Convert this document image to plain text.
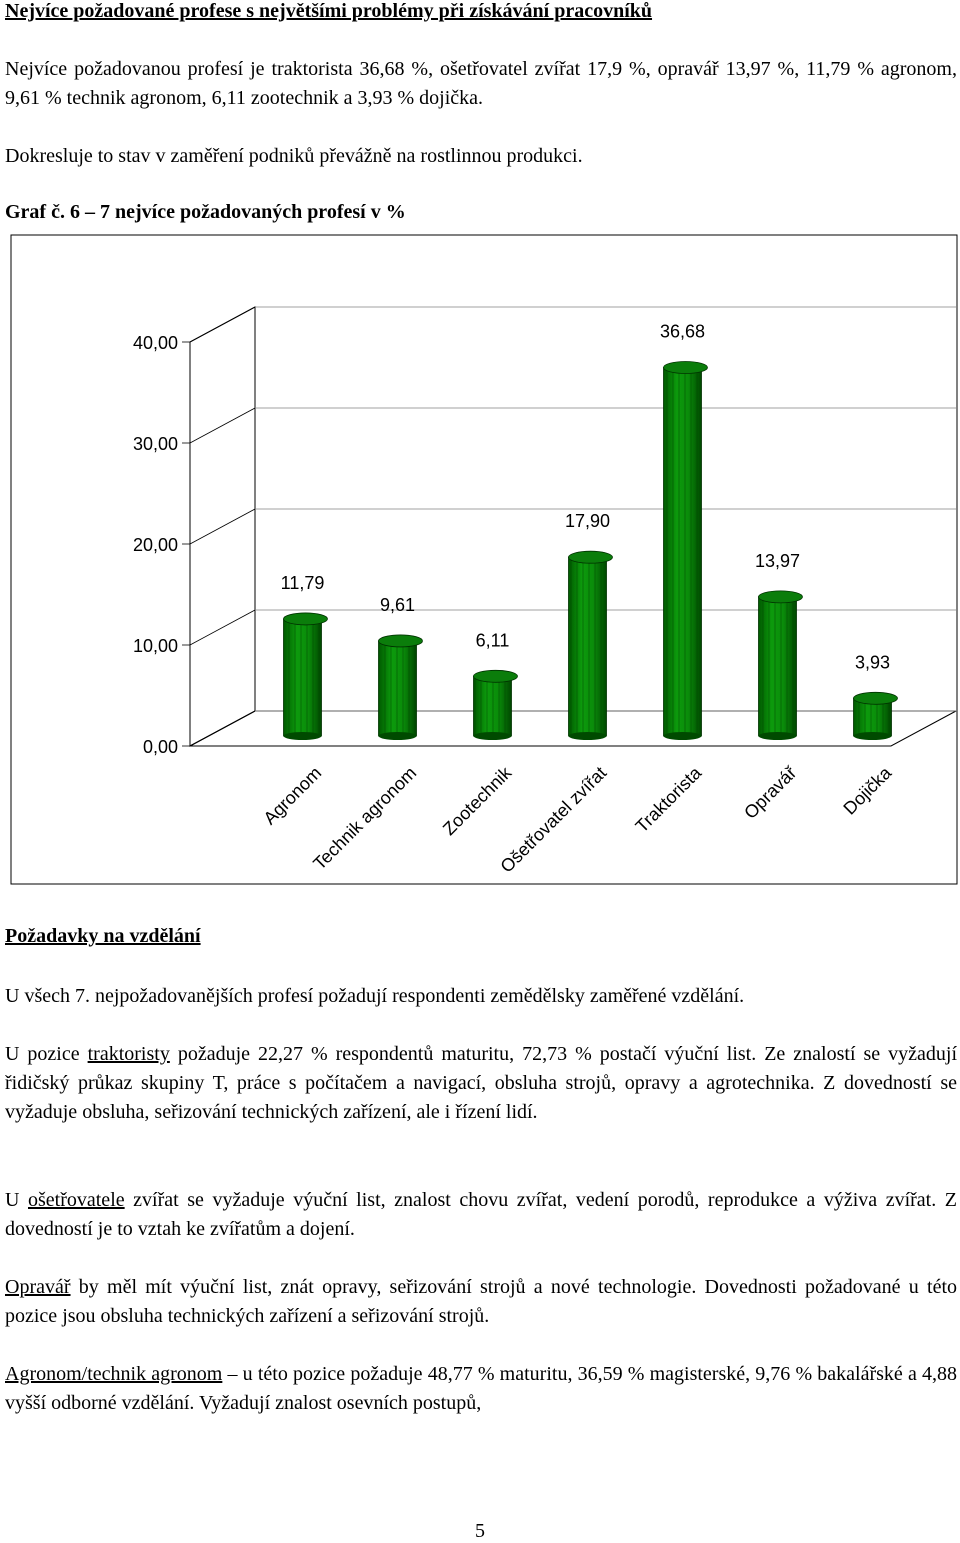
Nejvíce požadované profese s největšími problémy při získávání pracovníků
Nejvíce požadovanou profesí je traktorista 36,68 %, ošetřovatel zvířat 17,9 %, opravář 13,97 %, 11,79 % agronom, 9,61 % technik agronom, 6,11 zootechnik a 3,93 % dojička.
Dokresluje to stav v zaměření podniků převážně na rostlinnou produkci.
Graf č. 6 – 7 nejvíce požadovaných profesí v %
0,00
10,00
20,00
30,00
40,00
11,79
9,61
6,11
17,90
36,68
13,97
3,93
Agronom
Technik agronom Zootechnik
Ošetřovatel zvířat Traktorista Opravář Dojička
Požadavky na vzdělání
U všech 7. nejpožadovanějších profesí požadují respondenti zemědělsky zaměřené vzdělání.
U pozice traktoristy požaduje 22,27 % respondentů maturitu, 72,73 % postačí výuční list. Ze znalostí se vyžadují řidičský průkaz skupiny T, práce s počítačem a navigací, obsluha strojů, opravy a agrotechnika. Z dovedností se vyžaduje obsluha, seřizování technických zařízení, ale i řízení lidí.
U ošetřovatele zvířat se vyžaduje výuční list, znalost chovu zvířat, vedení porodů, reprodukce a výživa zvířat. Z dovedností je to vztah ke zvířatům a dojení.
Opravář by měl mít výuční list, znát opravy, seřizování strojů a nové technologie. Dovednosti požadované u této pozice jsou obsluha technických zařízení a seřizování strojů.
Agronom/technik agronom – u této pozice požaduje 48,77 % maturitu, 36,59 % magisterské, 9,76 % bakalářské a 4,88 vyšší odborné vzdělání. Vyžadují znalost osevních postupů,
5
